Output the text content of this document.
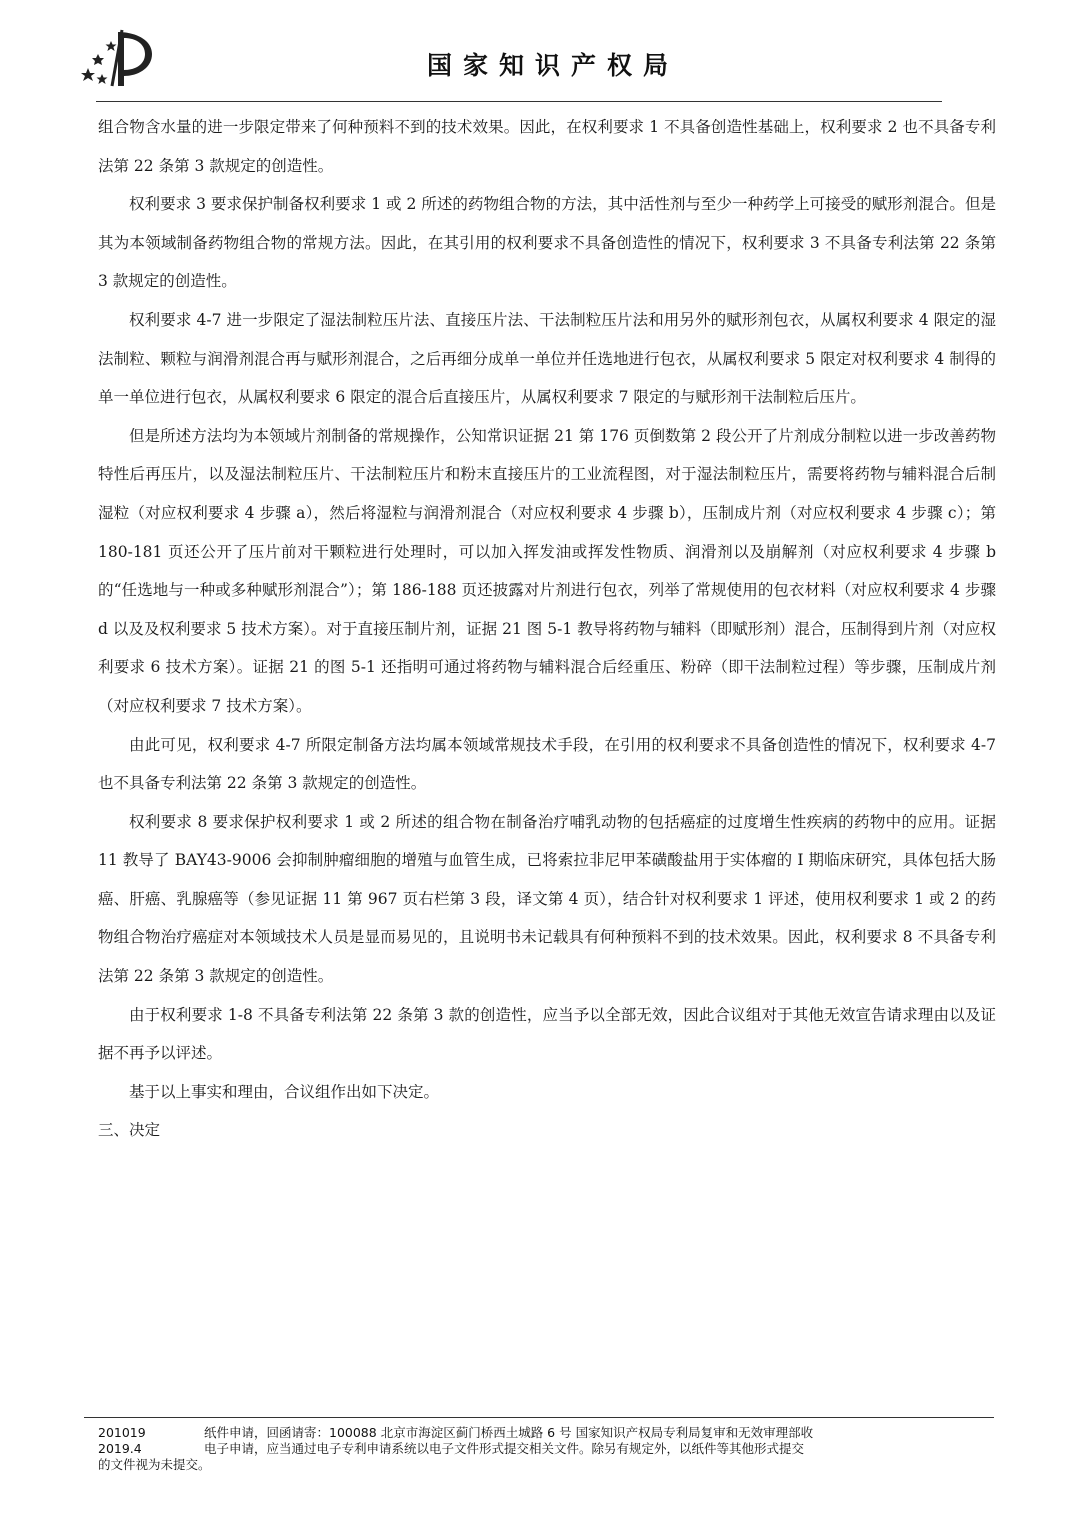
国家知识产权局

组合物含水量的进一步限定带来了何种预料不到的技术效果。因此，在权利要求 1 不具备创造性基础上，权利要求 2 也不具备专利法第 22 条第 3 款规定的创造性。

权利要求 3 要求保护制备权利要求 1 或 2 所述的药物组合物的方法，其中活性剂与至少一种药学上可接受的赋形剂混合。但是其为本领域制备药物组合物的常规方法。因此，在其引用的权利要求不具备创造性的情况下，权利要求 3 不具备专利法第 22 条第 3 款规定的创造性。

权利要求 4-7 进一步限定了湿法制粒压片法、直接压片法、干法制粒压片法和用另外的赋形剂包衣，从属权利要求 4 限定的湿法制粒、颗粒与润滑剂混合再与赋形剂混合，之后再细分成单一单位并任选地进行包衣，从属权利要求 5 限定对权利要求 4 制得的单一单位进行包衣，从属权利要求 6 限定的混合后直接压片，从属权利要求 7 限定的与赋形剂干法制粒后压片。

但是所述方法均为本领域片剂制备的常规操作，公知常识证据 21 第 176 页倒数第 2 段公开了片剂成分制粒以进一步改善药物特性后再压片，以及湿法制粒压片、干法制粒压片和粉末直接压片的工业流程图，对于湿法制粒压片，需要将药物与辅料混合后制湿粒（对应权利要求 4 步骤 a），然后将湿粒与润滑剂混合（对应权利要求 4 步骤 b），压制成片剂（对应权利要求 4 步骤 c）；第 180-181 页还公开了压片前对干颗粒进行处理时，可以加入挥发油或挥发性物质、润滑剂以及崩解剂（对应权利要求 4 步骤 b 的“任选地与一种或多种赋形剂混合”）；第 186-188 页还披露对片剂进行包衣，列举了常规使用的包衣材料（对应权利要求 4 步骤 d 以及及权利要求 5 技术方案）。对于直接压制片剂，证据 21 图 5-1 教导将药物与辅料（即赋形剂）混合，压制得到片剂（对应权利要求 6 技术方案）。证据 21 的图 5-1 还指明可通过将药物与辅料混合后经重压、粉碎（即干法制粒过程）等步骤，压制成片剂（对应权利要求 7 技术方案）。

由此可见，权利要求 4-7 所限定制备方法均属本领域常规技术手段，在引用的权利要求不具备创造性的情况下，权利要求 4-7 也不具备专利法第 22 条第 3 款规定的创造性。

权利要求 8 要求保护权利要求 1 或 2 所述的组合物在制备治疗哺乳动物的包括癌症的过度增生性疾病的药物中的应用。证据 11 教导了 BAY43-9006 会抑制肿瘤细胞的增殖与血管生成，已将索拉非尼甲苯磺酸盐用于实体瘤的 I 期临床研究，具体包括大肠癌、肝癌、乳腺癌等（参见证据 11 第 967 页右栏第 3 段，译文第 4 页），结合针对权利要求 1 评述，使用权利要求 1 或 2 的药物组合物治疗癌症对本领域技术人员是显而易见的，且说明书未记载具有何种预料不到的技术效果。因此，权利要求 8 不具备专利法第 22 条第 3 款规定的创造性。

由于权利要求 1-8 不具备专利法第 22 条第 3 款的创造性，应当予以全部无效，因此合议组对于其他无效宣告请求理由以及证据不再予以评述。

基于以上事实和理由，合议组作出如下决定。

三、决定

201019	纸件申请，回函请寄：100088 北京市海淀区蓟门桥西土城路 6 号 国家知识产权局专利局复审和无效审理部收
2019.4	电子申请，应当通过电子专利申请系统以电子文件形式提交相关文件。除另有规定外，以纸件等其他形式提交
的文件视为未提交。
